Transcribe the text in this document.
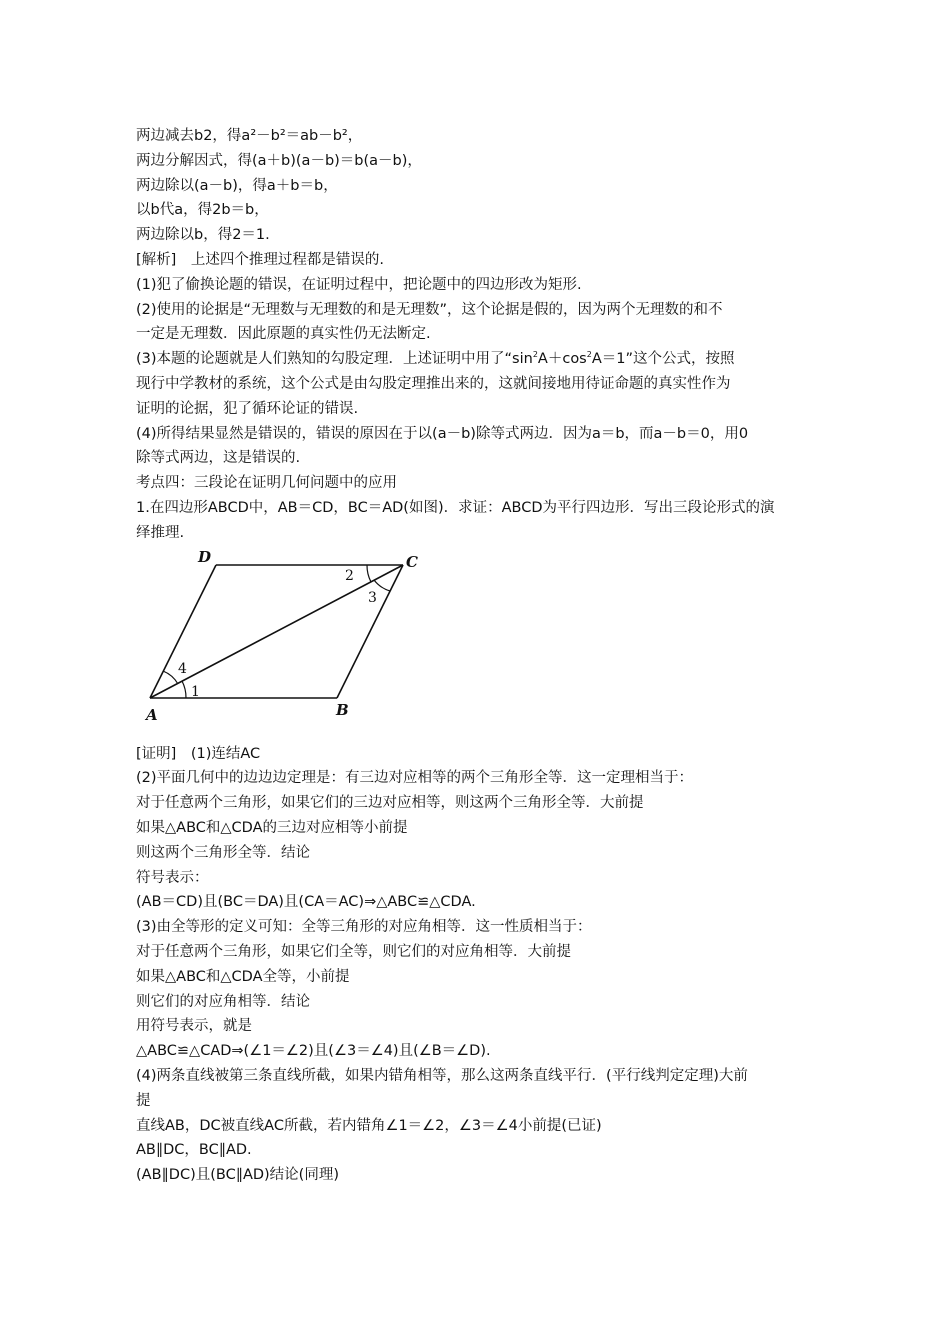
两边减去b2，得a²－b²＝ab－b²，
两边分解因式，得(a＋b)(a－b)＝b(a－b)，
两边除以(a－b)，得a＋b＝b，
以b代a，得2b＝b，
两边除以b，得2＝1.
[解析]　上述四个推理过程都是错误的.
(1)犯了偷换论题的错误，在证明过程中，把论题中的四边形改为矩形.
(2)使用的论据是“无理数与无理数的和是无理数”，这个论据是假的，因为两个无理数的和不
一定是无理数．因此原题的真实性仍无法断定.
(3)本题的论题就是人们熟知的勾股定理．上述证明中用了“$\sin^2A+\cos^2A=1$”这个公式，按照
现行中学教材的系统，这个公式是由勾股定理推出来的，这就间接地用待证命题的真实性作为
证明的论据，犯了循环论证的错误.
(4)所得结果显然是错误的，错误的原因在于以(a－b)除等式两边．因为a＝b，而a－b＝0，用0
除等式两边，这是错误的.
考点四：三段论在证明几何问题中的应用
1.在四边形ABCD中，AB＝CD，BC＝AD(如图)．求证：ABCD为平行四边形．写出三段论形式的演
绎推理.
D	C
A	B
2
3
4
1
[证明]　(1)连结AC
(2)平面几何中的边边边定理是：有三边对应相等的两个三角形全等．这一定理相当于：
对于任意两个三角形，如果它们的三边对应相等，则这两个三角形全等．大前提
如果△ABC和△CDA的三边对应相等小前提
则这两个三角形全等．结论
符号表示：
(AB＝CD)且(BC＝DA)且(CA＝AC)⇒△ABC≌△CDA.
(3)由全等形的定义可知：全等三角形的对应角相等．这一性质相当于：
对于任意两个三角形，如果它们全等，则它们的对应角相等．大前提
如果△ABC和△CDA全等，小前提
则它们的对应角相等．结论
用符号表示，就是
△ABC≌△CAD⇒(∠1＝∠2)且(∠3＝∠4)且(∠B＝∠D).
(4)两条直线被第三条直线所截，如果内错角相等，那么这两条直线平行．(平行线判定定理)大前
提
直线AB，DC被直线AC所截，若内错角∠1＝∠2，∠3＝∠4小前提(已证)
AB∥DC，BC∥AD.
(AB∥DC)且(BC∥AD)结论(同理)
